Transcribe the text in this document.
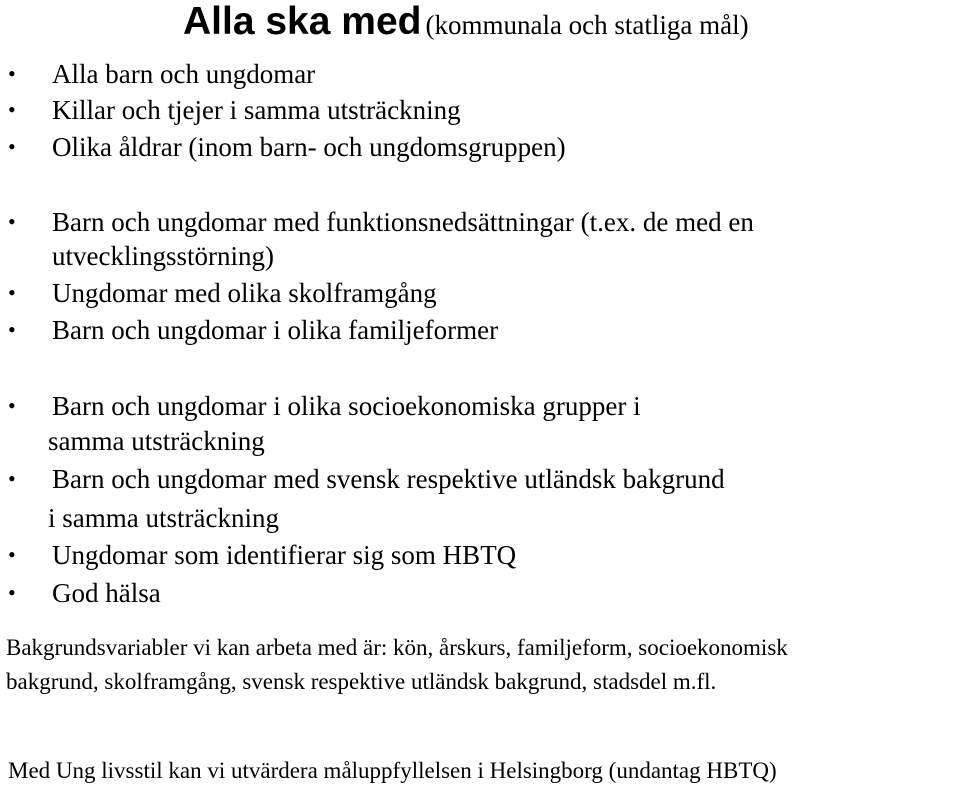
Alla ska med (kommunala och statliga mål)
• Alla barn och ungdomar
• Killar och tjejer i samma utsträckning
• Olika åldrar (inom barn- och ungdomsgruppen)
• Barn och ungdomar med funktionsnedsättningar (t.ex. de med en
utvecklingsstörning)
• Ungdomar med olika skolframgång
• Barn och ungdomar i olika familjeformer
• Barn och ungdomar i olika socioekonomiska grupper i
samma utsträckning
• Barn och ungdomar med svensk respektive utländsk bakgrund
i samma utsträckning
• Ungdomar som identifierar sig som HBTQ
• God hälsa
Bakgrundsvariabler vi kan arbeta med är: kön, årskurs, familjeform, socioekonomisk
bakgrund, skolframgång, svensk respektive utländsk bakgrund, stadsdel m.fl.
Med Ung livsstil kan vi utvärdera måluppfyllelsen i Helsingborg (undantag HBTQ)
